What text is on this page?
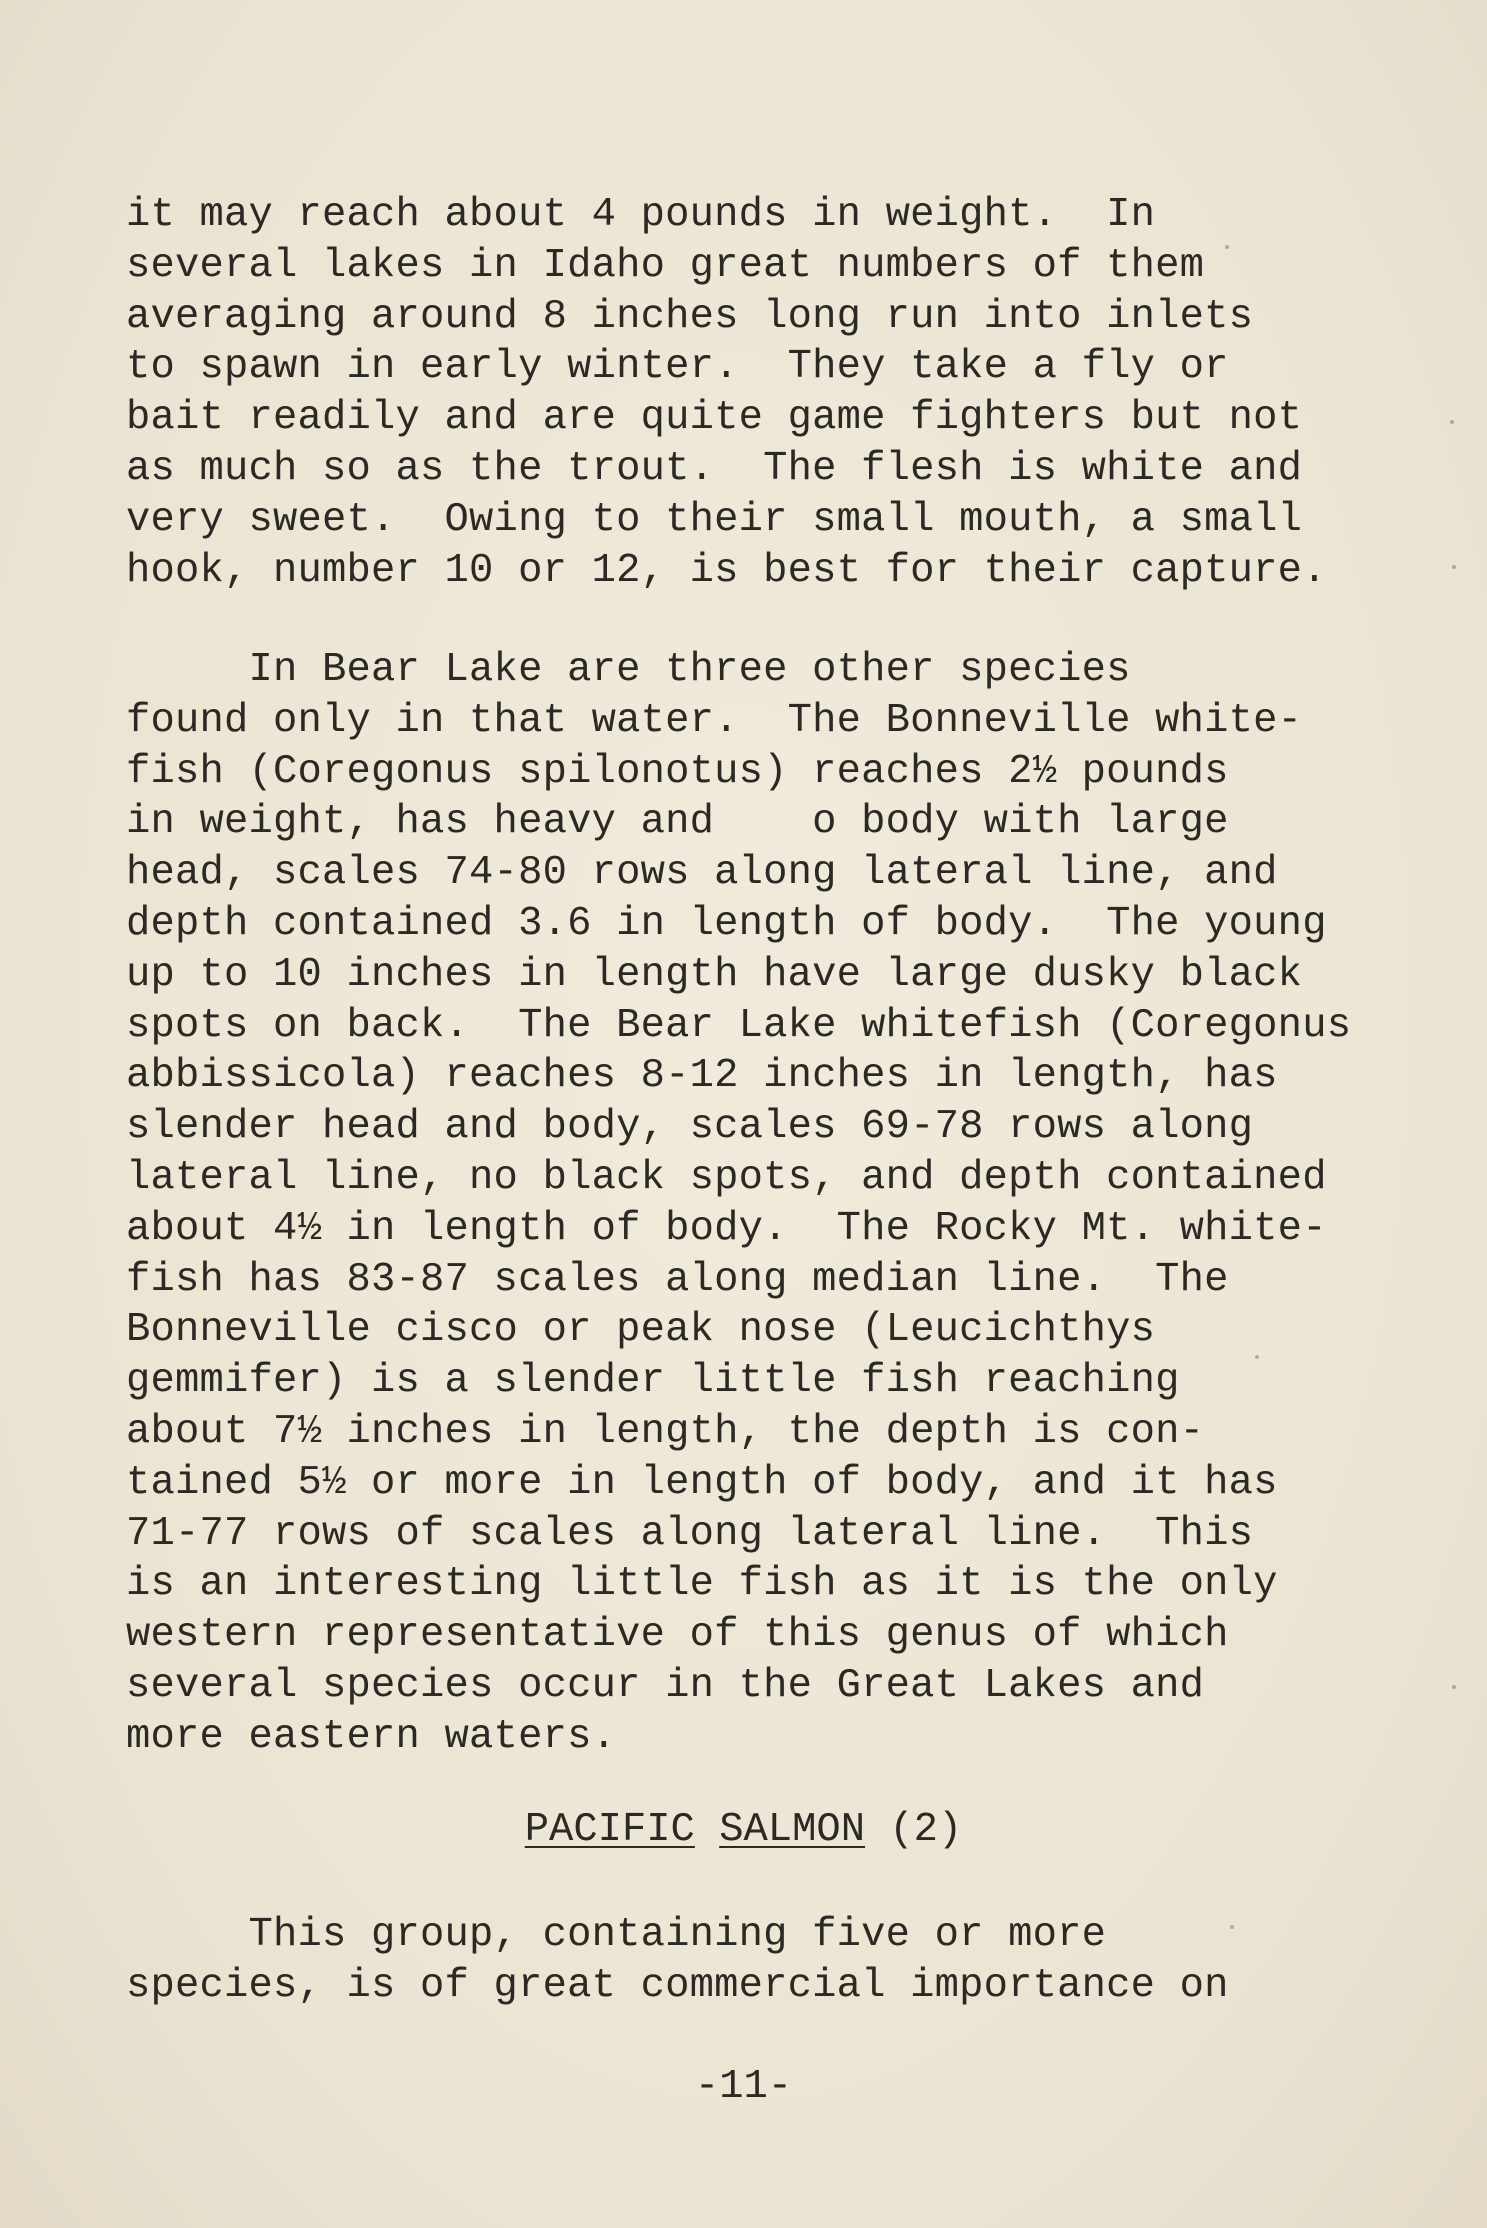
it may reach about 4 pounds in weight.  In
several lakes in Idaho great numbers of them
averaging around 8 inches long run into inlets
to spawn in early winter.  They take a fly or
bait readily and are quite game fighters but not
as much so as the trout.  The flesh is white and
very sweet.  Owing to their small mouth, a small
hook, number 10 or 12, is best for their capture.
In Bear Lake are three other species
found only in that water.  The Bonneville white-
fish (Coregonus spilonotus) reaches 2½ pounds
in weight, has heavy and    o body with large
head, scales 74-80 rows along lateral line, and
depth contained 3.6 in length of body.  The young
up to 10 inches in length have large dusky black
spots on back.  The Bear Lake whitefish (Coregonus
abbissicola) reaches 8-12 inches in length, has
slender head and body, scales 69-78 rows along
lateral line, no black spots, and depth contained
about 4½ in length of body.  The Rocky Mt. white-
fish has 83-87 scales along median line.  The
Bonneville cisco or peak nose (Leucichthys
gemmifer) is a slender little fish reaching
about 7½ inches in length, the depth is con-
tained 5½ or more in length of body, and it has
71-77 rows of scales along lateral line.  This
is an interesting little fish as it is the only
western representative of this genus of which
several species occur in the Great Lakes and
more eastern waters.
PACIFIC SALMON (2)
This group, containing five or more
species, is of great commercial importance on
-11-
